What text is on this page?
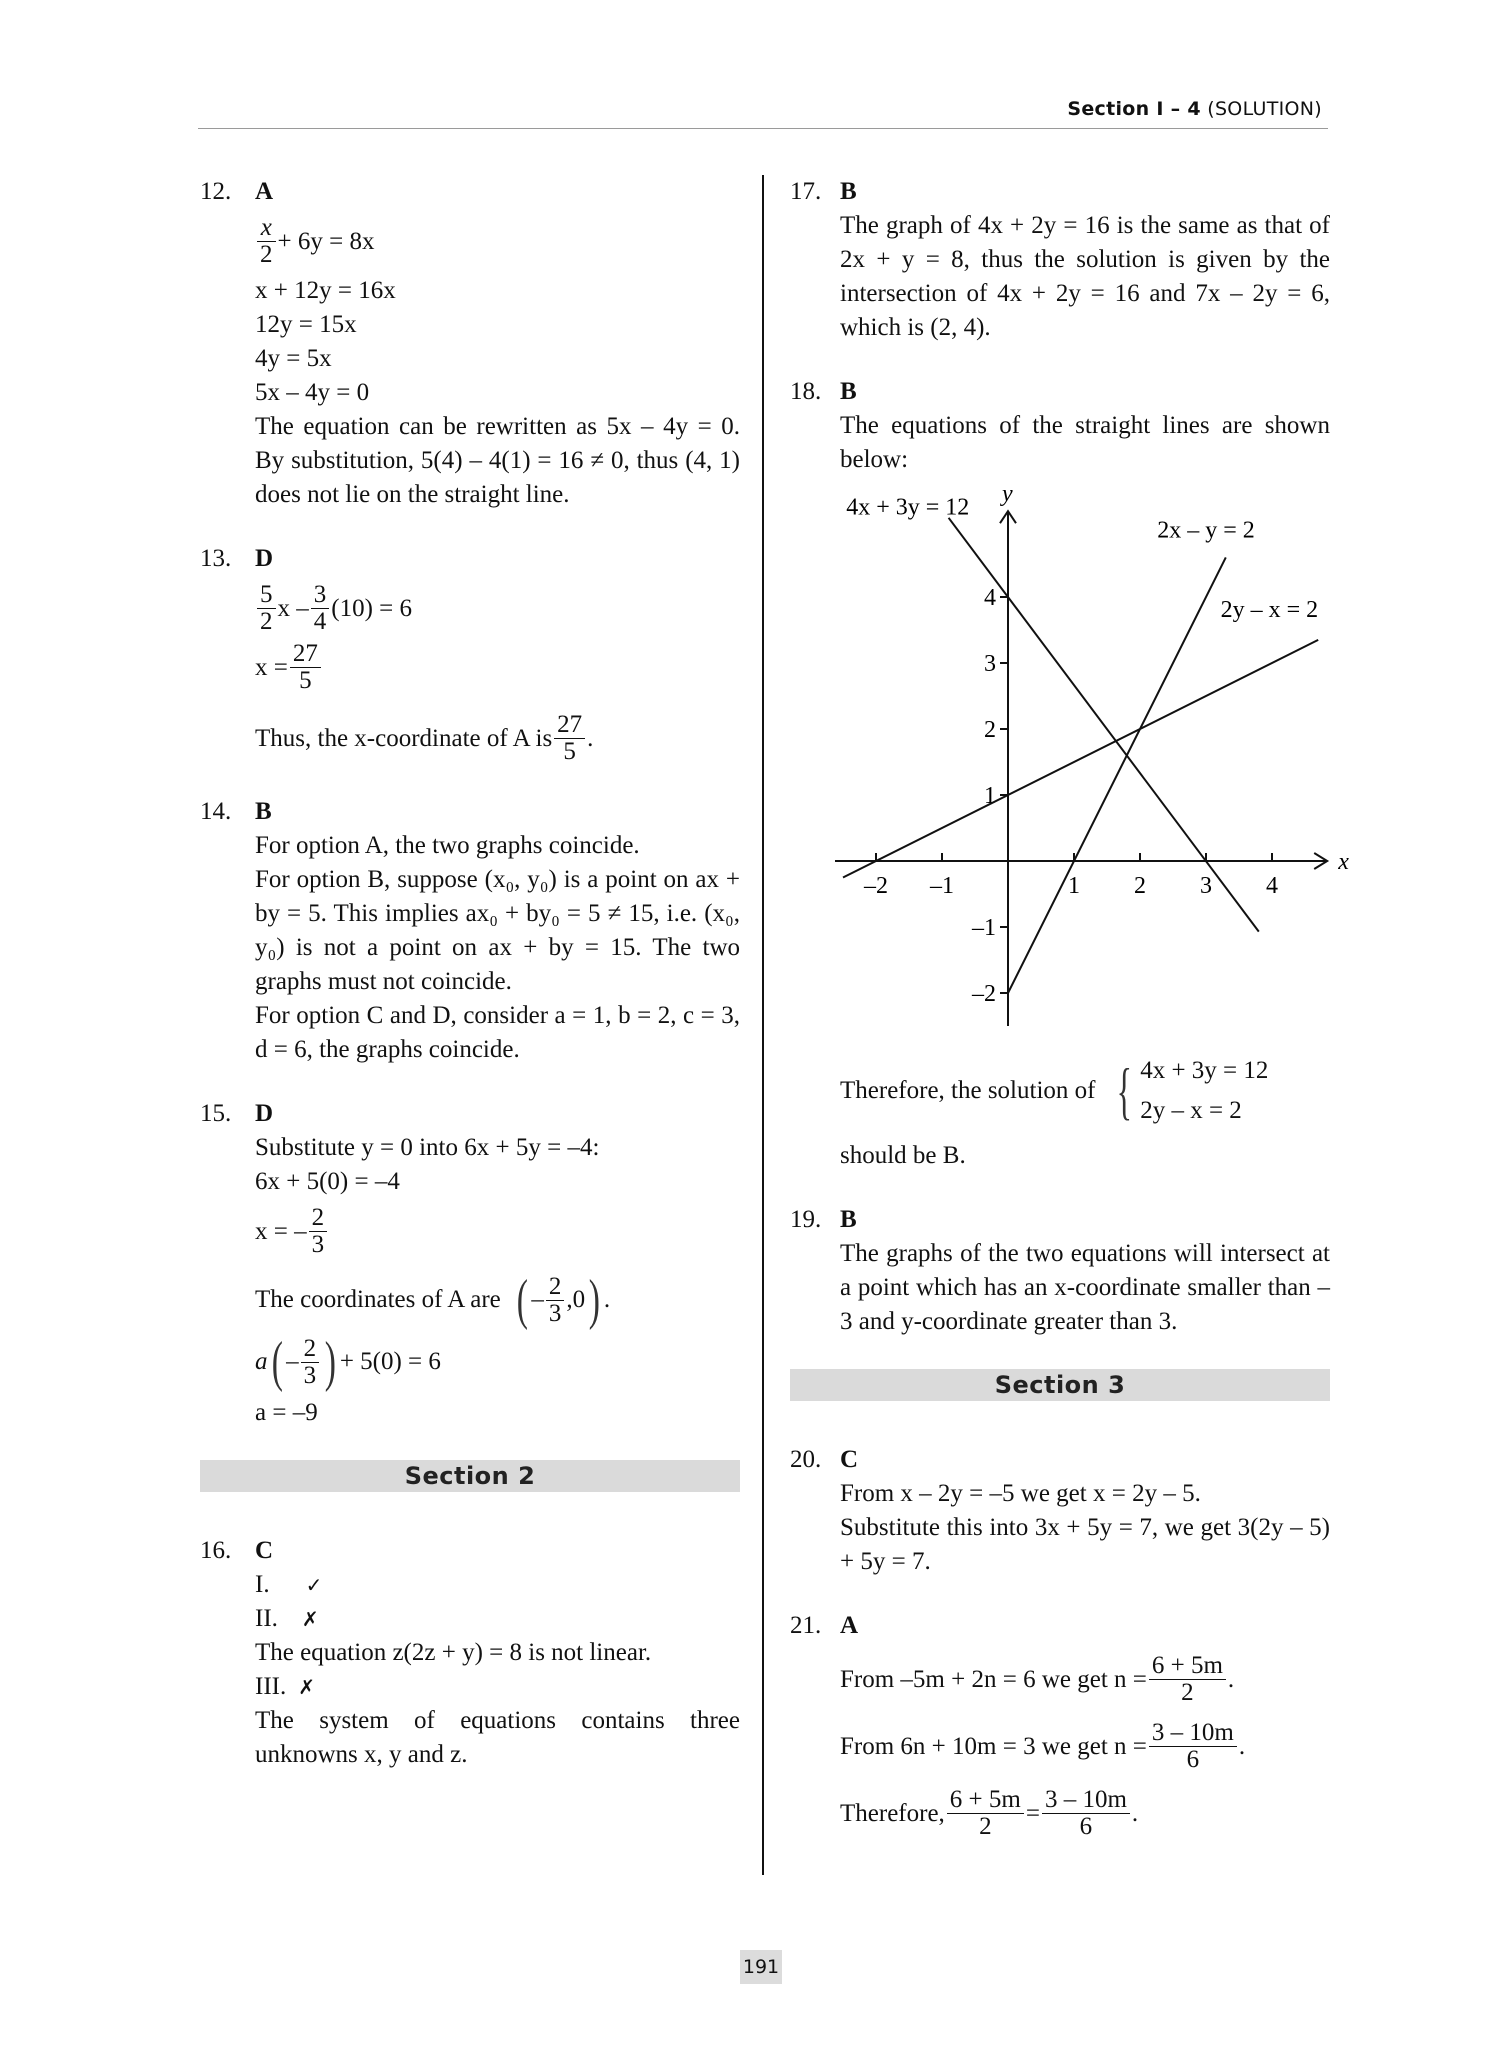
Section I – 4 (SOLUTION)
12. A
$\frac{x}{2} + 6y = 8x$
x + 12y = 16x
12y = 15x
4y = 5x
5x – 4y = 0
The equation can be rewritten as 5x – 4y = 0. By substitution, 5(4) – 4(1) = 16 ≠ 0, thus (4, 1) does not lie on the straight line.
13. D
$\frac{5}{2}$ $x - \frac{3}{4} (10) = 6$
$x = \frac{27}{5}$
Thus, the x-coordinate of A is $\frac{27}{5}$ .
14. B
For option A, the two graphs coincide.
For option B, suppose (x₀, y₀) is a point on ax + by = 5. This implies ax₀ + by₀ = 5 ≠ 15, i.e. (x₀, y₀) is not a point on ax + by = 15. The two graphs must not coincide.
For option C and D, consider a = 1, b = 2, c = 3, d = 6, the graphs coincide.
15. D
Substitute y = 0 into 6x + 5y = –4:
6x + 5(0) = –4
x = – $\frac{2}{3}$
The coordinates of A are ( – $\frac{2}{3} ,0$ ) .
a ( – $\frac{2}{3}$ ) + 5(0) = 6
a = –9
Section 2
16. C
I. ✓
II. ✗
The equation z(2z + y) = 8 is not linear.
III. ✗
The system of equations contains three unknowns x, y and z.
17. B
The graph of 4x + 2y = 16 is the same as that of 2x + y = 8, thus the solution is given by the intersection of 4x + 2y = 16 and 7x – 2y = 6, which is (2, 4).
18. B
The equations of the straight lines are shown below:
x
y
–2 –1	1 2 3 4
4
3
2
1
–1
–2
4x + 3y = 12
2x – y = 2
2y – x = 2
Therefore, the solution of { 4x + 3y = 12
2y – x = 2
should be B.
19. B
The graphs of the two equations will intersect at a point which has an x-coordinate smaller than –3 and y-coordinate greater than 3.
Section 3
20. C
From x – 2y = –5 we get x = 2y – 5.
Substitute this into 3x + 5y = 7, we get 3(2y – 5) + 5y = 7.
21. A
From –5m + 2n = 6 we get $n = \frac{6 + 5m}{2}$ .
From 6n + 10m = 3 we get $n = \frac{3 - 10m}{6}$ .
Therefore, $\frac{6 + 5m}{2} = \frac{3 - 10m}{6}$ .
191
